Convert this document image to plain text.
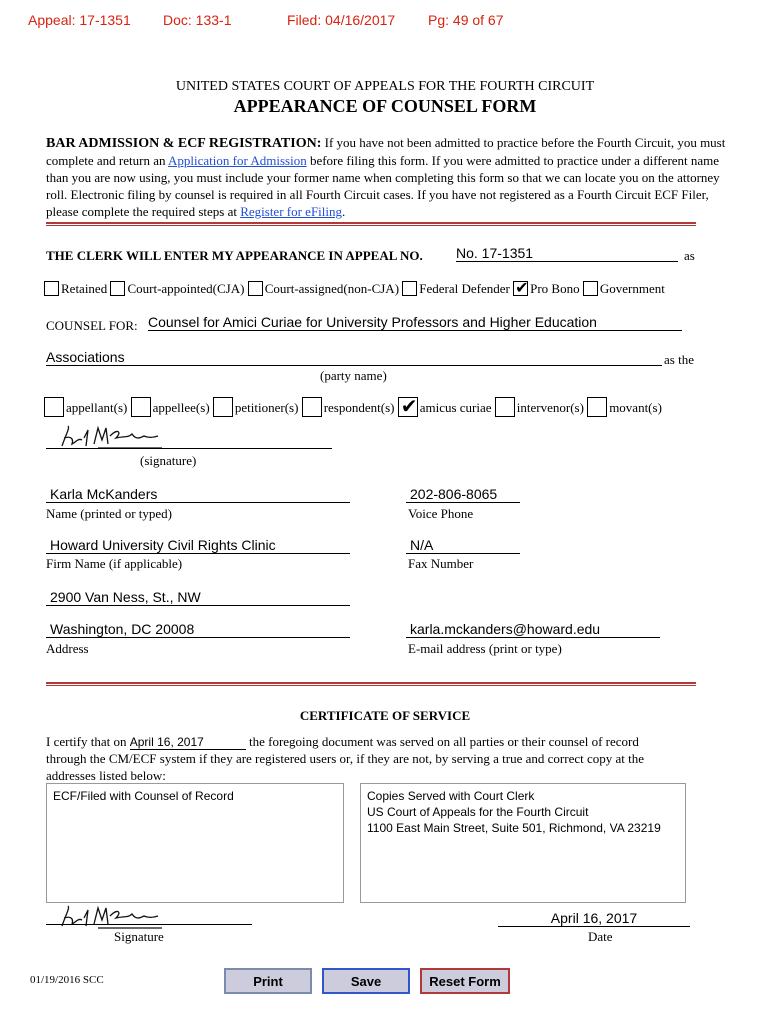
Appeal: 17-1351 Doc: 133-1	Filed: 04/16/2017 Pg: 49 of 67
UNITED STATES COURT OF APPEALS FOR THE FOURTH CIRCUIT
APPEARANCE OF COUNSEL FORM
BAR ADMISSION & ECF REGISTRATION: If you have not been admitted to practice before the Fourth Circuit, you must complete and return an Application for Admission before filing this form. If you were admitted to practice under a different name than you are now using, you must include your former name when completing this form so that we can locate you on the attorney roll. Electronic filing by counsel is required in all Fourth Circuit cases. If you have not registered as a Fourth Circuit ECF Filer, please complete the required steps at Register for eFiling.
THE CLERK WILL ENTER MY APPEARANCE IN APPEAL NO. No. 17-1351	as
Retained Court-appointed(CJA) Court-assigned(non-CJA) Federal Defender ✔ Pro Bono Government
COUNSEL FOR: Counsel for Amici Curiae for University Professors and Higher Education
Associations	as the
(party name)
appellant(s) appellee(s) petitioner(s) respondent(s) ✔ amicus curiae intervenor(s) movant(s)
(signature)
Karla McKanders
Name (printed or typed)
202-806-8065
Voice Phone
Howard University Civil Rights Clinic
Firm Name (if applicable)
N/A
Fax Number
2900 Van Ness, St., NW
Washington, DC 20008
Address
karla.mckanders@howard.edu
E-mail address (print or type)
CERTIFICATE OF SERVICE
I certify that on April 16, 2017	the foregoing document was served on all parties or their counsel of record
through the CM/ECF system if they are registered users or, if they are not, by serving a true and correct copy at the
addresses listed below:
ECF/Filed with Counsel of Record	Copies Served with Court Clerk
US Court of Appeals for the Fourth Circuit
1100 East Main Street, Suite 501, Richmond, VA 23219
Signature
April 16, 2017
Date
01/19/2016 SCC	Print	Save	Reset Form
